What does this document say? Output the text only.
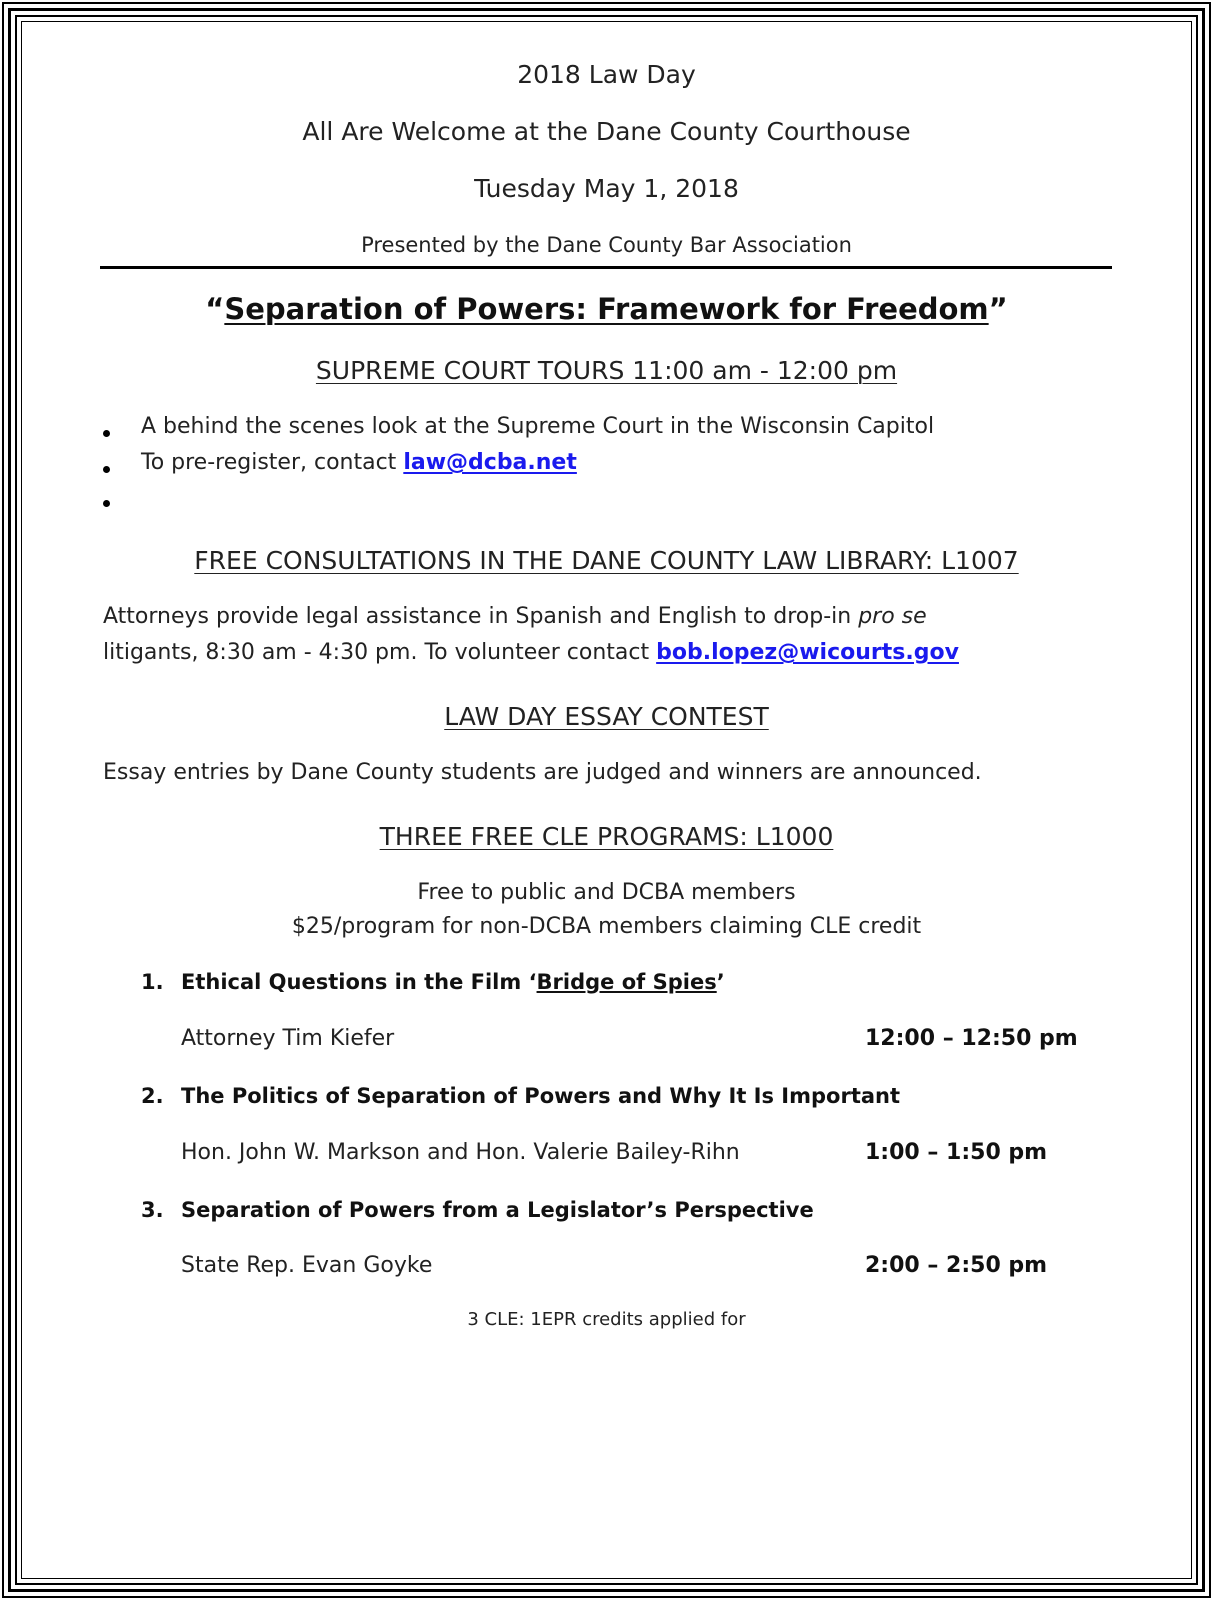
2018 Law Day
All Are Welcome at the Dane County Courthouse
Tuesday May 1, 2018
Presented by the Dane County Bar Association
“Separation of Powers: Framework for Freedom”
SUPREME COURT TOURS 11:00 am - 12:00 pm
A behind the scenes look at the Supreme Court in the Wisconsin Capitol
To pre-register, contact law@dcba.net
FREE CONSULTATIONS IN THE DANE COUNTY LAW LIBRARY: L1007
Attorneys provide legal assistance in Spanish and English to drop-in pro se
litigants, 8:30 am - 4:30 pm. To volunteer contact bob.lopez@wicourts.gov
LAW DAY ESSAY CONTEST
Essay entries by Dane County students are judged and winners are announced.
THREE FREE CLE PROGRAMS: L1000
Free to public and DCBA members
$25/program for non-DCBA members claiming CLE credit
1. Ethical Questions in the Film ‘Bridge of Spies’
Attorney Tim Kiefer	12:00 – 12:50 pm
2. The Politics of Separation of Powers and Why It Is Important
Hon. John W. Markson and Hon. Valerie Bailey-Rihn	1:00 – 1:50 pm
3. Separation of Powers from a Legislator’s Perspective
State Rep. Evan Goyke	2:00 – 2:50 pm
3 CLE: 1EPR credits applied for
